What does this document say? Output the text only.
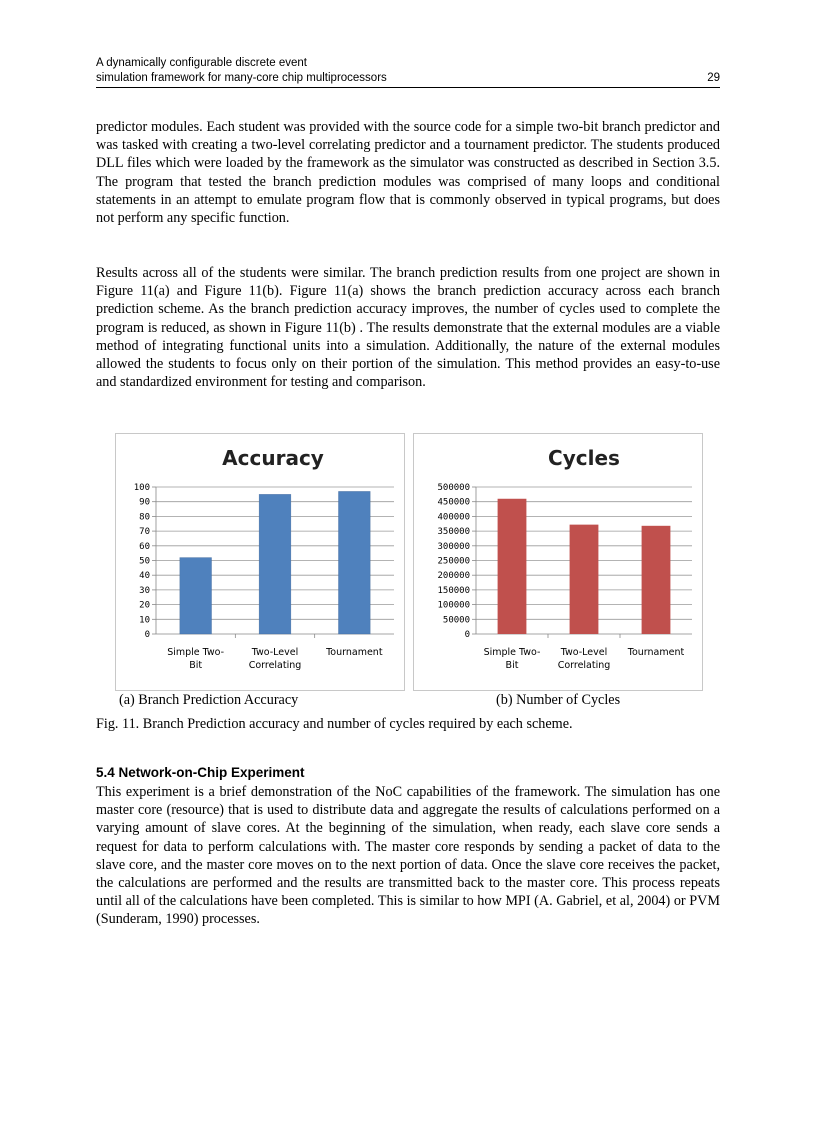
A dynamically configurable discrete event
simulation framework for many-core chip multiprocessors	29

predictor modules. Each student was provided with the source code for a simple two-bit branch predictor and was tasked with creating a two-level correlating predictor and a tournament predictor. The students produced DLL files which were loaded by the framework as the simulator was constructed as described in Section 3.5. The program that tested the branch prediction modules was comprised of many loops and conditional statements in an attempt to emulate program flow that is commonly observed in typical programs, but does not perform any specific function.

Results across all of the students were similar. The branch prediction results from one project are shown in Figure 11(a) and Figure 11(b). Figure 11(a) shows the branch prediction accuracy across each branch prediction scheme. As the branch prediction accuracy improves, the number of cycles used to complete the program is reduced, as shown in Figure 11(b) . The results demonstrate that the external modules are a viable method of integrating functional units into a simulation. Additionally, the nature of the external modules allowed the students to focus only on their portion of the simulation. This method provides an easy-to-use and standardized environment for testing and comparison.

Accuracy
0
10
20
30
40
50
60
70
80
90
100
Simple Two-
Bit
Two-Level
Correlating
Tournament
Cycles
0
50000
100000
150000
200000
250000
300000
350000
400000
450000
500000
Simple Two-
Bit
Two-Level
Correlating
Tournament
(a) Branch Prediction Accuracy	(b) Number of Cycles
Fig. 11. Branch Prediction accuracy and number of cycles required by each scheme.
5.4 Network-on-Chip Experiment

This experiment is a brief demonstration of the NoC capabilities of the framework. The simulation has one master core (resource) that is used to distribute data and aggregate the results of calculations performed on a varying amount of slave cores. At the beginning of the simulation, when ready, each slave core sends a request for data to perform calculations with. The master core responds by sending a packet of data to the slave core, and the master core moves on to the next portion of data. Once the slave core receives the packet, the calculations are performed and the results are transmitted back to the master core. This process repeats until all of the calculations have been completed. This is similar to how MPI (A. Gabriel, et al, 2004) or PVM (Sunderam, 1990) processes.
